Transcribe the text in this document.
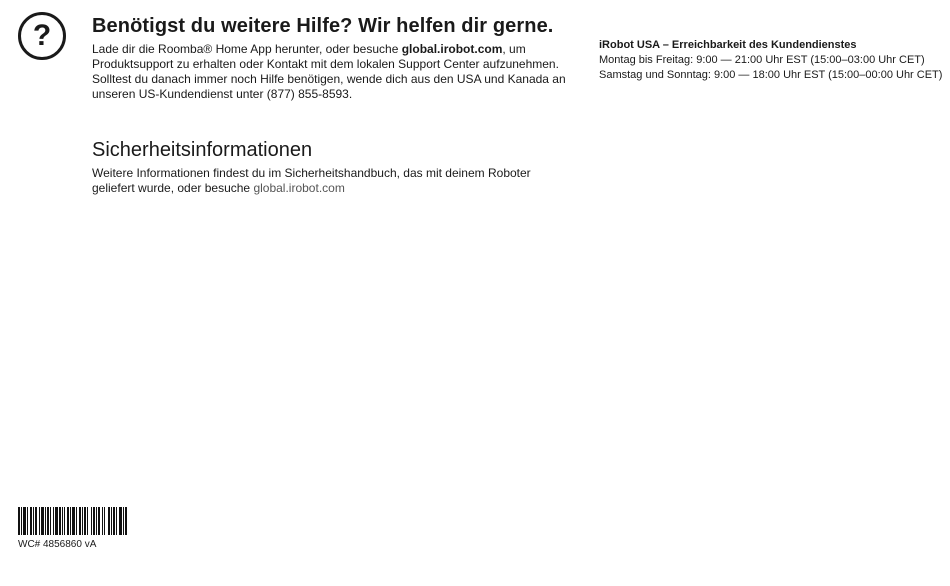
?	Benötigst du weitere Hilfe? Wir helfen dir gerne.

Lade dir die Roomba® Home App herunter, oder besuche global.irobot.com, um Produktsupport zu erhalten oder Kontakt mit dem lokalen Support Center aufzunehmen. Solltest du danach immer noch Hilfe benötigen, wende dich aus den USA und Kanada an unseren US-Kundendienst unter (877) 855-8593.

Sicherheitsinformationen

Weitere Informationen findest du im Sicherheitshandbuch, das mit deinem Roboter geliefert wurde, oder besuche global.irobot.com

iRobot USA – Erreichbarkeit des Kundendienstes
Montag bis Freitag: 9:00 — 21:00 Uhr EST (15:00–03:00 Uhr CET)
Samstag und Sonntag: 9:00 — 18:00 Uhr EST (15:00–00:00 Uhr CET)
WC# 4856860 vA
